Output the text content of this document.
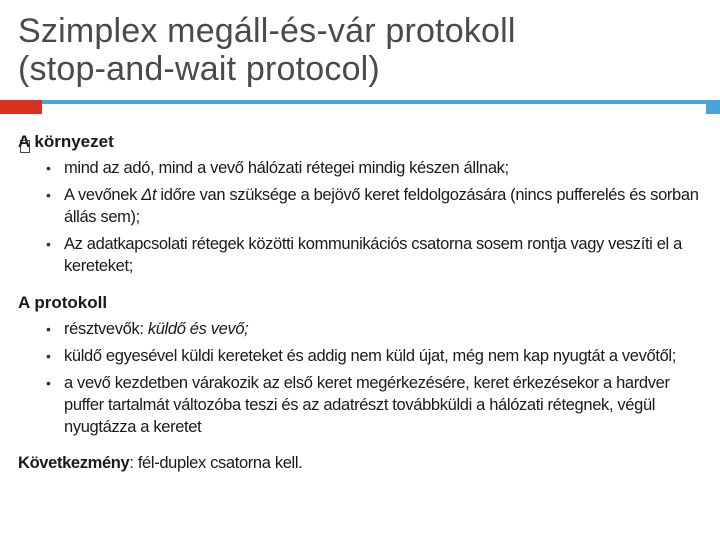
Szimplex megáll-és-vár protokoll
(stop-and-wait protocol)
A környezet
• mind az adó, mind a vevő hálózati rétegei mindig készen állnak;
• A vevőnek Δt időre van szüksége a bejövő keret feldolgozására (nincs pufferelés és sorban állás sem);
• Az adatkapcsolati rétegek közötti kommunikációs csatorna sosem rontja vagy veszíti el a kereteket;
A protokoll
• résztvevők: küldő és vevő;
• küldő egyesével küldi kereteket és addig nem küld újat, még nem kap nyugtát a vevőtől;
• a vevő kezdetben várakozik az első keret megérkezésére, keret érkezésekor a hardver puffer tartalmát változóba teszi és az adatrészt továbbküldi a hálózati rétegnek, végül nyugtázza a keretet

Következmény: fél-duplex csatorna kell.
